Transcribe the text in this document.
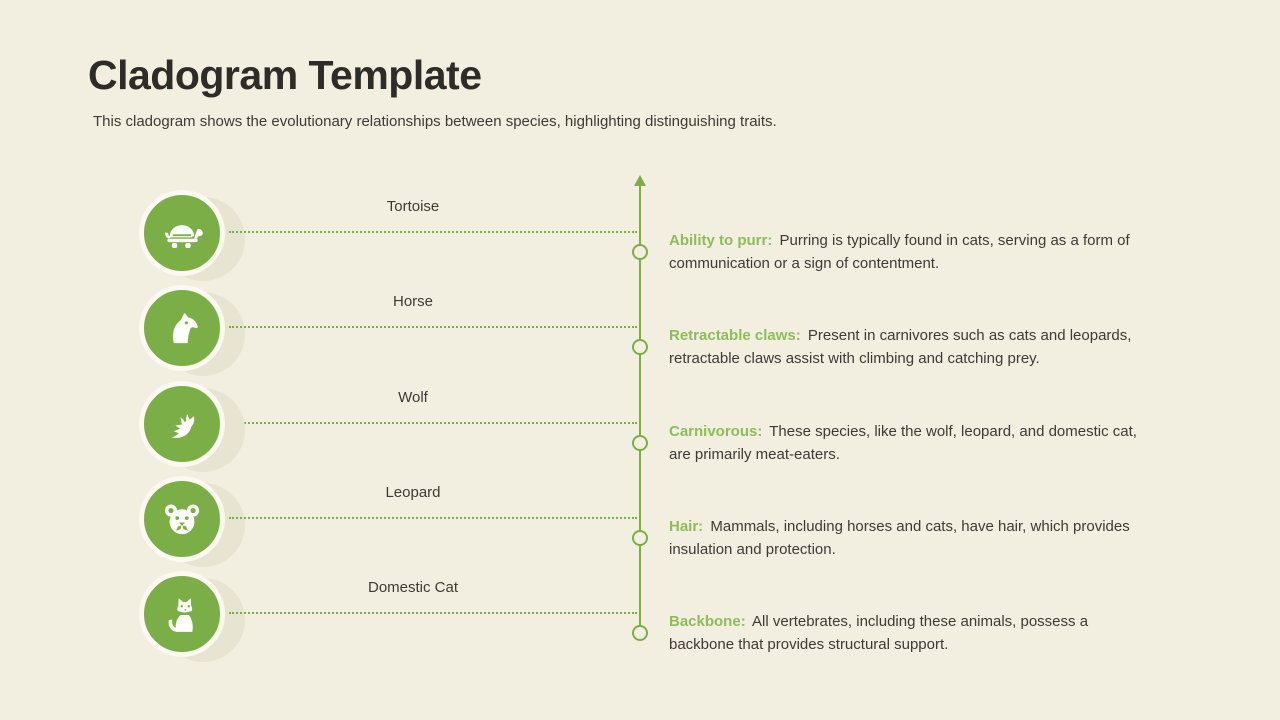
Cladogram Template
This cladogram shows the evolutionary relationships between species, highlighting distinguishing traits.
Tortoise
Horse
Wolf
Leopard
Domestic Cat
Ability to purr: Purring is typically found in cats, serving as a form of communication or a sign of contentment.
Retractable claws: Present in carnivores such as cats and leopards, retractable claws assist with climbing and catching prey.
Carnivorous: These species, like the wolf, leopard, and domestic cat, are primarily meat-eaters.
Hair: Mammals, including horses and cats, have hair, which provides insulation and protection.
Backbone: All vertebrates, including these animals, possess a backbone that provides structural support.
